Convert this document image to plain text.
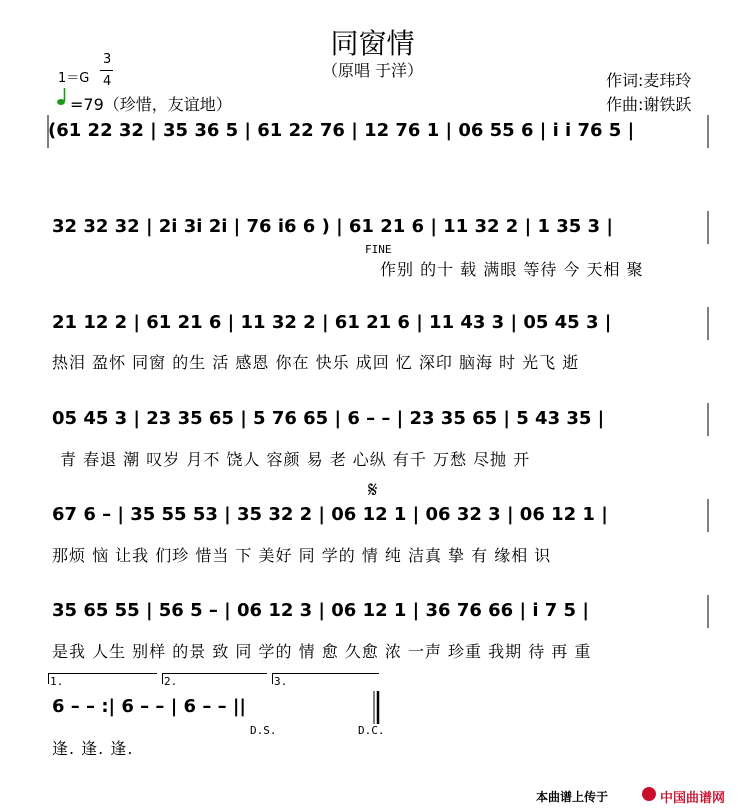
同窗情
（原唱 于洋）
1＝G
3
4
=79（珍惜，友谊地）
作词:麦玮玲
作曲:谢铁跃
(61 22 32 | 35 36 5 | 61 22 76 | 12 76 1 | 06 55 6 | i i 76 5 |
32 32 32 | 2i 3i 2i | 76 i6 6 ) | 61 21 6 | 11 32 2 | 1 35 3 |
作别 的十 载 满眼 等待 今 天相 聚
21 12 2 | 61 21 6 | 11 32 2 | 61 21 6 | 11 43 3 | 05 45 3 |
热泪 盈怀 同窗 的生 活 感恩 你在 快乐 成回 忆 深印 脑海 时 光飞 逝
05 45 3 | 23 35 65 | 5 76 65 | 6 – – | 23 35 65 | 5 43 35 |
青 春退 潮 叹岁 月不 饶人 容颜 易 老 心纵 有千 万愁 尽抛 开
67 6 – | 35 55 53 | 35 32 2 | 06 12 1 | 06 32 3 | 06 12 1 |
那烦 恼 让我 们珍 惜当 下 美好 同 学的 情 纯 洁真 挚 有 缘相 识
35 65 55 | 56 5 – | 06 12 3 | 06 12 1 | 36 76 66 | i 7 5 |
是我 人生 别样 的景 致 同 学的 情 愈 久愈 浓 一声 珍重 我期 待 再 重
6 – – :| 6 – – | 6 – – ||
逢. 逢. 逢.
FINE
𝄋
1.	2.	3.
D.S.	D.C.
本曲谱上传于	中国曲谱网
